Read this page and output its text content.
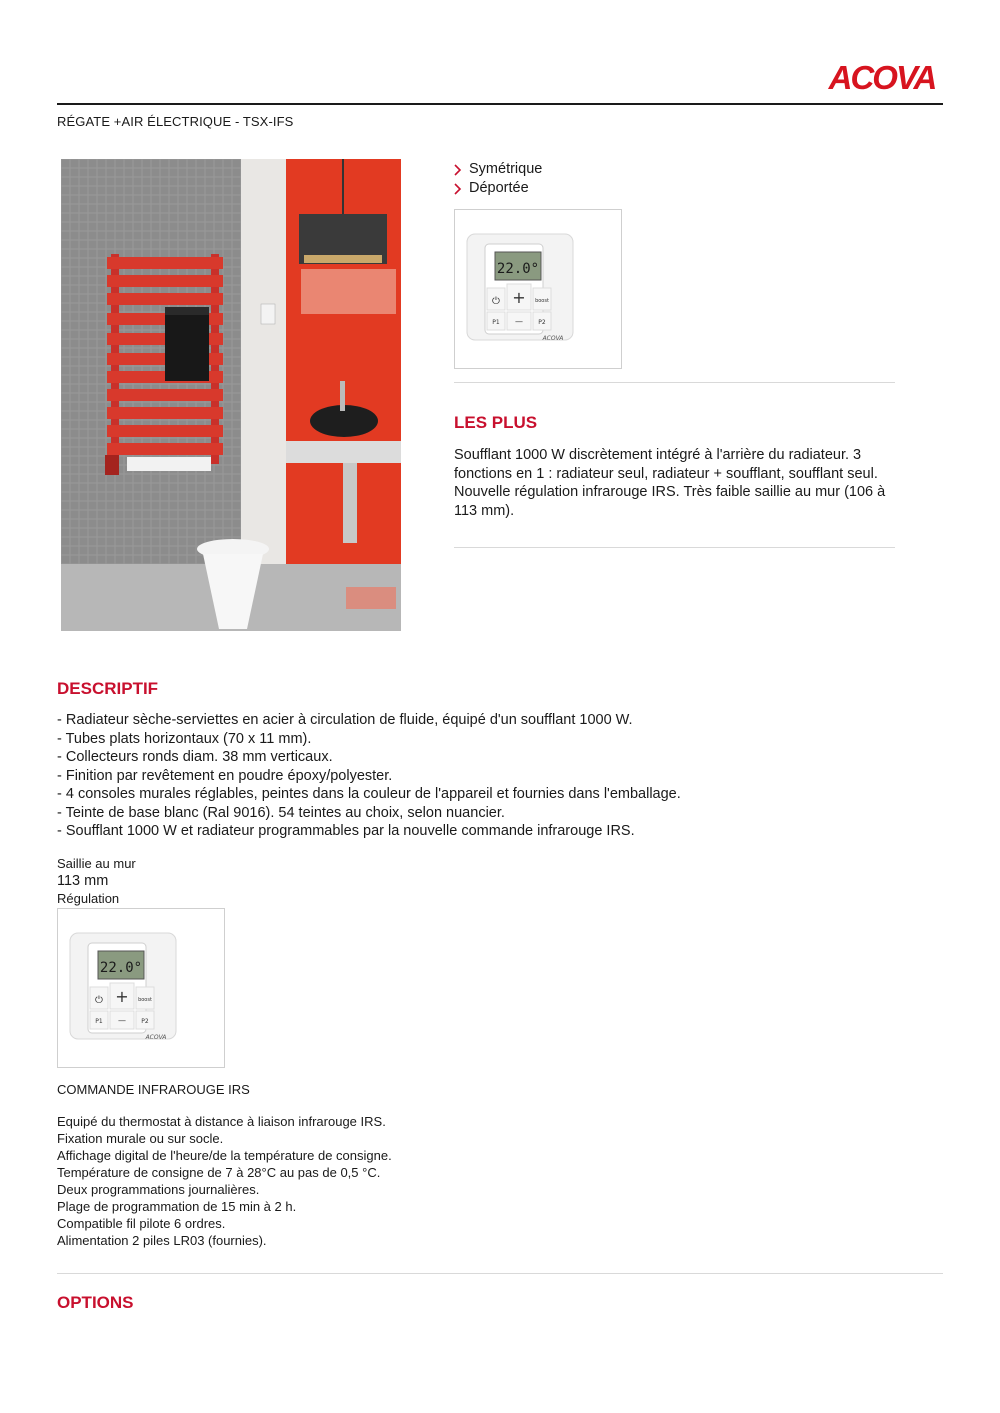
ACOVA
RÉGATE +AIR ÉLECTRIQUE - TSX-IFS
Symétrique
Déportée
22.0°
⏻ + boost
P1 —	P2
ACOVA
LES PLUS

Soufflant 1000 W discrètement intégré à l'arrière du radiateur. 3 fonctions en 1 : radiateur seul, radiateur + soufflant, soufflant seul. Nouvelle régulation infrarouge IRS. Très faible saillie au mur (106 à 113 mm).

DESCRIPTIF
- Radiateur sèche-serviettes en acier à circulation de fluide, équipé d'un soufflant 1000 W.
- Tubes plats horizontaux (70 x 11 mm).
- Collecteurs ronds diam. 38 mm verticaux.
- Finition par revêtement en poudre époxy/polyester.
- 4 consoles murales réglables, peintes dans la couleur de l'appareil et fournies dans l'emballage.
- Teinte de base blanc (Ral 9016). 54 teintes au choix, selon nuancier.
- Soufflant 1000 W et radiateur programmables par la nouvelle commande infrarouge IRS.
Saillie au mur
113 mm
Régulation
22.0°
⏻ + boost
P1 —	P2
ACOVA
COMMANDE INFRAROUGE IRS
Equipé du thermostat à distance à liaison infrarouge IRS.
Fixation murale ou sur socle.
Affichage digital de l'heure/de la température de consigne.
Température de consigne de 7 à 28°C au pas de 0,5 °C.
Deux programmations journalières.
Plage de programmation de 15 min à 2 h.
Compatible fil pilote 6 ordres.
Alimentation 2 piles LR03 (fournies).
OPTIONS
